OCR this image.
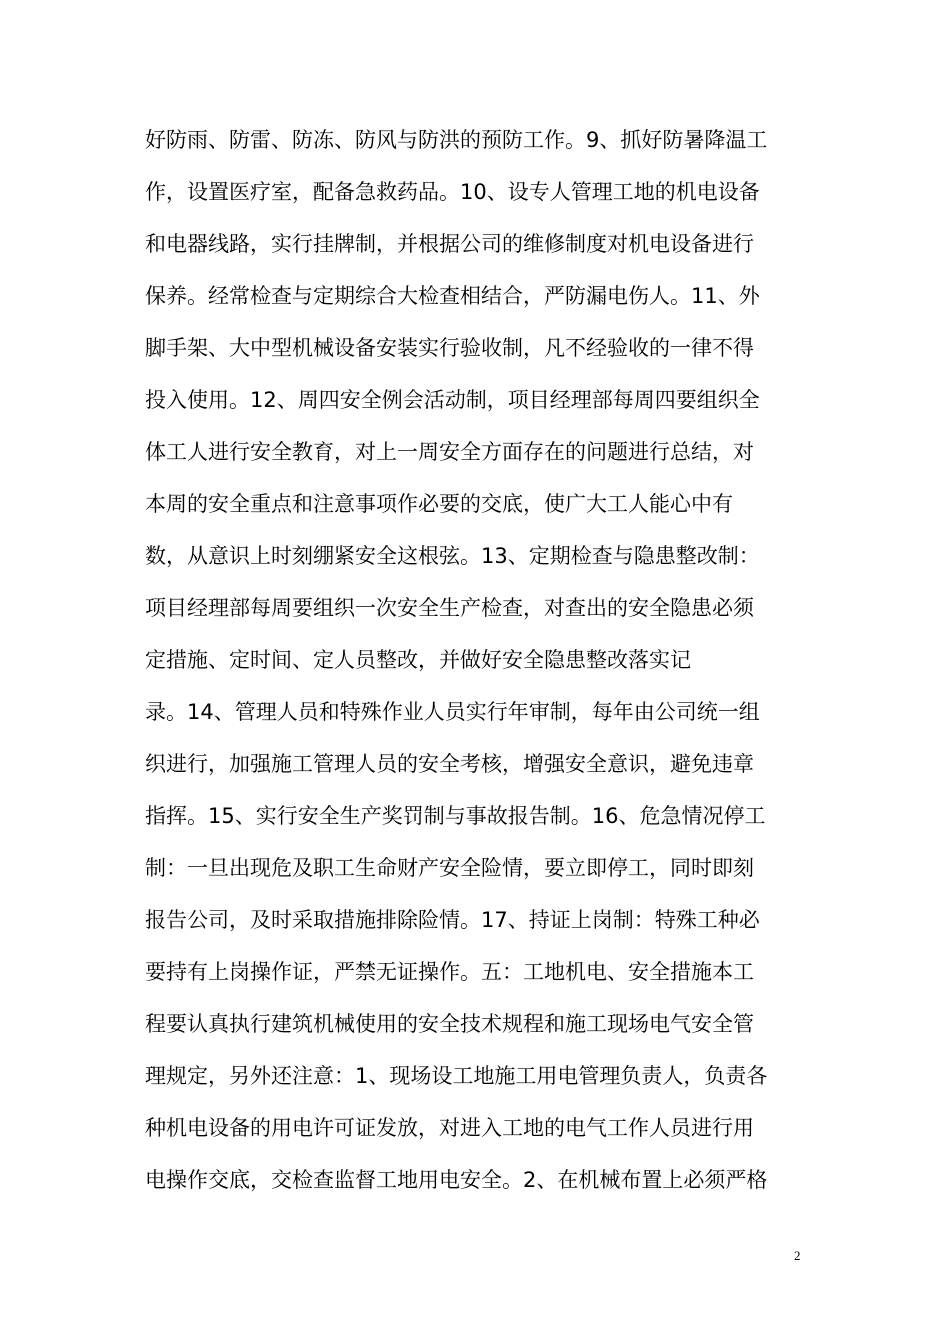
好防雨、防雷、防冻、防风与防洪的预防工作。9、抓好防暑降温工
作，设置医疗室，配备急救药品。10、设专人管理工地的机电设备
和电器线路，实行挂牌制，并根据公司的维修制度对机电设备进行
保养。经常检查与定期综合大检查相结合，严防漏电伤人。11、外
脚手架、大中型机械设备安装实行验收制，凡不经验收的一律不得
投入使用。12、周四安全例会活动制，项目经理部每周四要组织全
体工人进行安全教育，对上一周安全方面存在的问题进行总结，对
本周的安全重点和注意事项作必要的交底，使广大工人能心中有
数，从意识上时刻绷紧安全这根弦。13、定期检查与隐患整改制：
项目经理部每周要组织一次安全生产检查，对查出的安全隐患必须
定措施、定时间、定人员整改，并做好安全隐患整改落实记
录。14、管理人员和特殊作业人员实行年审制，每年由公司统一组
织进行，加强施工管理人员的安全考核，增强安全意识，避免违章
指挥。15、实行安全生产奖罚制与事故报告制。16、危急情况停工
制：一旦出现危及职工生命财产安全险情，要立即停工，同时即刻
报告公司，及时采取措施排除险情。17、持证上岗制：特殊工种必
要持有上岗操作证，严禁无证操作。五：工地机电、安全措施本工
程要认真执行建筑机械使用的安全技术规程和施工现场电气安全管
理规定，另外还注意：1、现场设工地施工用电管理负责人，负责各
种机电设备的用电许可证发放，对进入工地的电气工作人员进行用
电操作交底，交检查监督工地用电安全。2、在机械布置上必须严格
2
